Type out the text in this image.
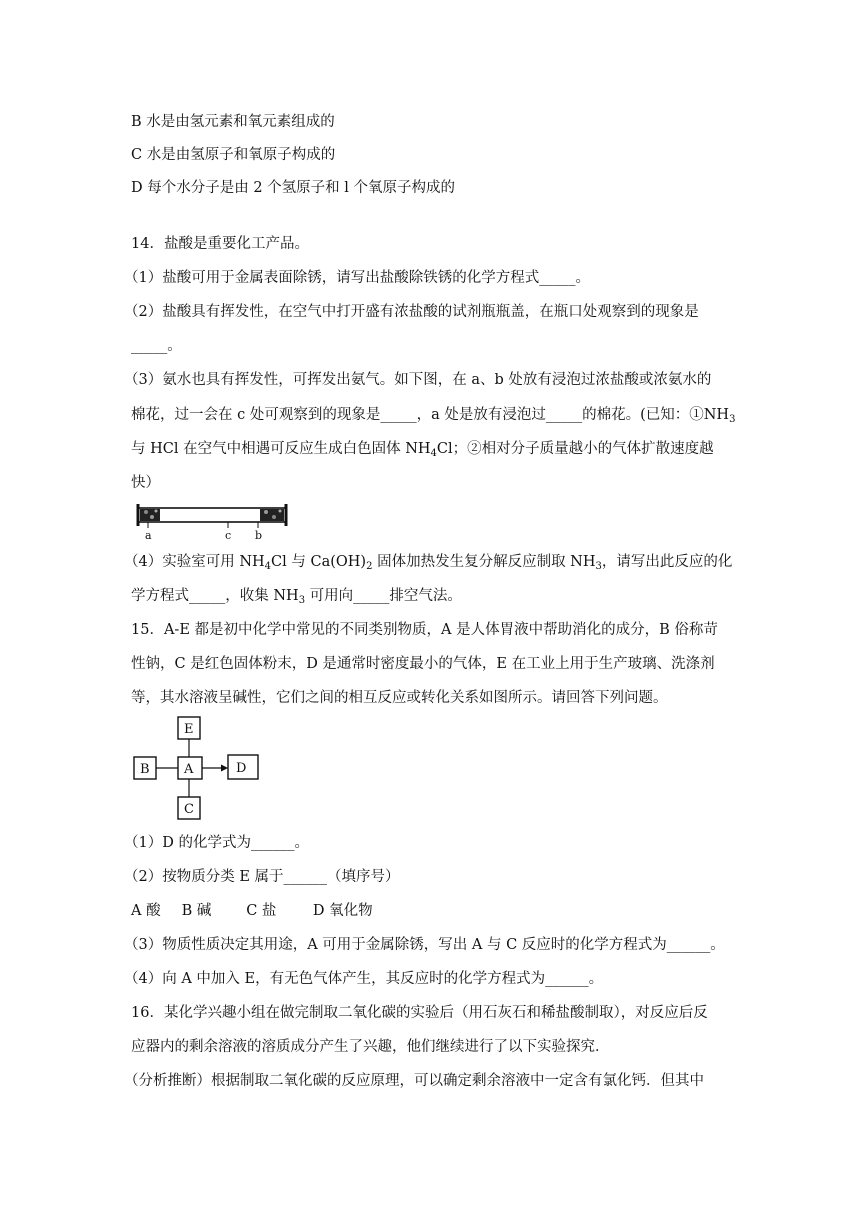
B 水是由氢元素和氧元素组成的
C 水是由氢原子和氧原子构成的
D 每个水分子是由 2 个氢原子和 l 个氧原子构成的
14．盐酸是重要化工产品。
（1）盐酸可用于金属表面除锈，请写出盐酸除铁锈的化学方程式_____。
（2）盐酸具有挥发性，在空气中打开盛有浓盐酸的试剂瓶瓶盖，在瓶口处观察到的现象是
_____。
（3）氨水也具有挥发性，可挥发出氨气。如下图，在 a、b 处放有浸泡过浓盐酸或浓氨水的
棉花，过一会在 c 处可观察到的现象是_____，a 处是放有浸泡过_____的棉花。(已知：$①NH_3$
与 HCl 在空气中相遇可反应生成白色固体 $NH_4Cl$；②相对分子质量越小的气体扩散速度越
快）
a	c b
（4）实验室可用 $NH_4Cl$ 与 $Ca(OH)_2$ 固体加热发生复分解反应制取 $NH_3$，请写出此反应的化
学方程式_____，收集 $NH_3$ 可用向_____排空气法。
15．A-E 都是初中化学中常见的不同类别物质，A 是人体胃液中帮助消化的成分，B 俗称苛
性钠，C 是红色固体粉末，D 是通常时密度最小的气体，E 在工业上用于生产玻璃、洗涤剂
等，其水溶液呈碱性，它们之间的相互反应或转化关系如图所示。请回答下列问题。
E
B	A	D
C
（1）D 的化学式为______。
（2）按物质分类 E 属于______（填序号）
A 酸 B 碱 C 盐	D 氧化物
（3）物质性质决定其用途，A 可用于金属除锈，写出 A 与 C 反应时的化学方程式为______。
（4）向 A 中加入 E，有无色气体产生，其反应时的化学方程式为______。
16．某化学兴趣小组在做完制取二氧化碳的实验后（用石灰石和稀盐酸制取），对反应后反
应器内的剩余溶液的溶质成分产生了兴趣，他们继续进行了以下实验探究．
（分析推断）根据制取二氧化碳的反应原理，可以确定剩余溶液中一定含有氯化钙．但其中
